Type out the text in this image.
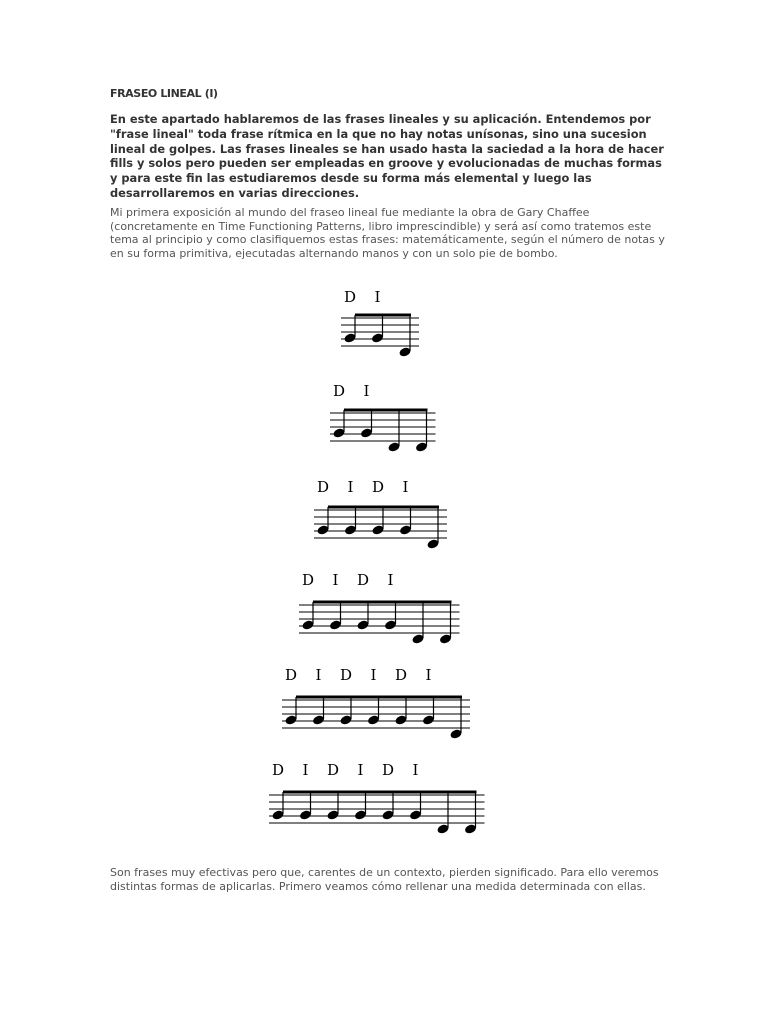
FRASEO LINEAL (I)

En este apartado hablaremos de las frases lineales y su aplicación. Entendemos por "frase lineal" toda frase rítmica en la que no hay notas unísonas, sino una sucesion lineal de golpes. Las frases lineales se han usado hasta la saciedad a la hora de hacer fills y solos pero pueden ser empleadas en groove y evolucionadas de muchas formas y para este fin las estudiaremos desde su forma más elemental y luego las desarrollaremos en varias direcciones.

Mi primera exposición al mundo del fraseo lineal fue mediante la obra de Gary Chaffee (concretamente en Time Functioning Patterns, libro imprescindible) y será así como tratemos este tema al principio y como clasifiquemos estas frases: matemáticamente, según el número de notas y en su forma primitiva, ejecutadas alternando manos y con un solo pie de bombo.

D I
D I
D I D I
D I D I
D I D I D I
D I D I D I

Son frases muy efectivas pero que, carentes de un contexto, pierden significado. Para ello veremos distintas formas de aplicarlas. Primero veamos cómo rellenar una medida determinada con ellas.
